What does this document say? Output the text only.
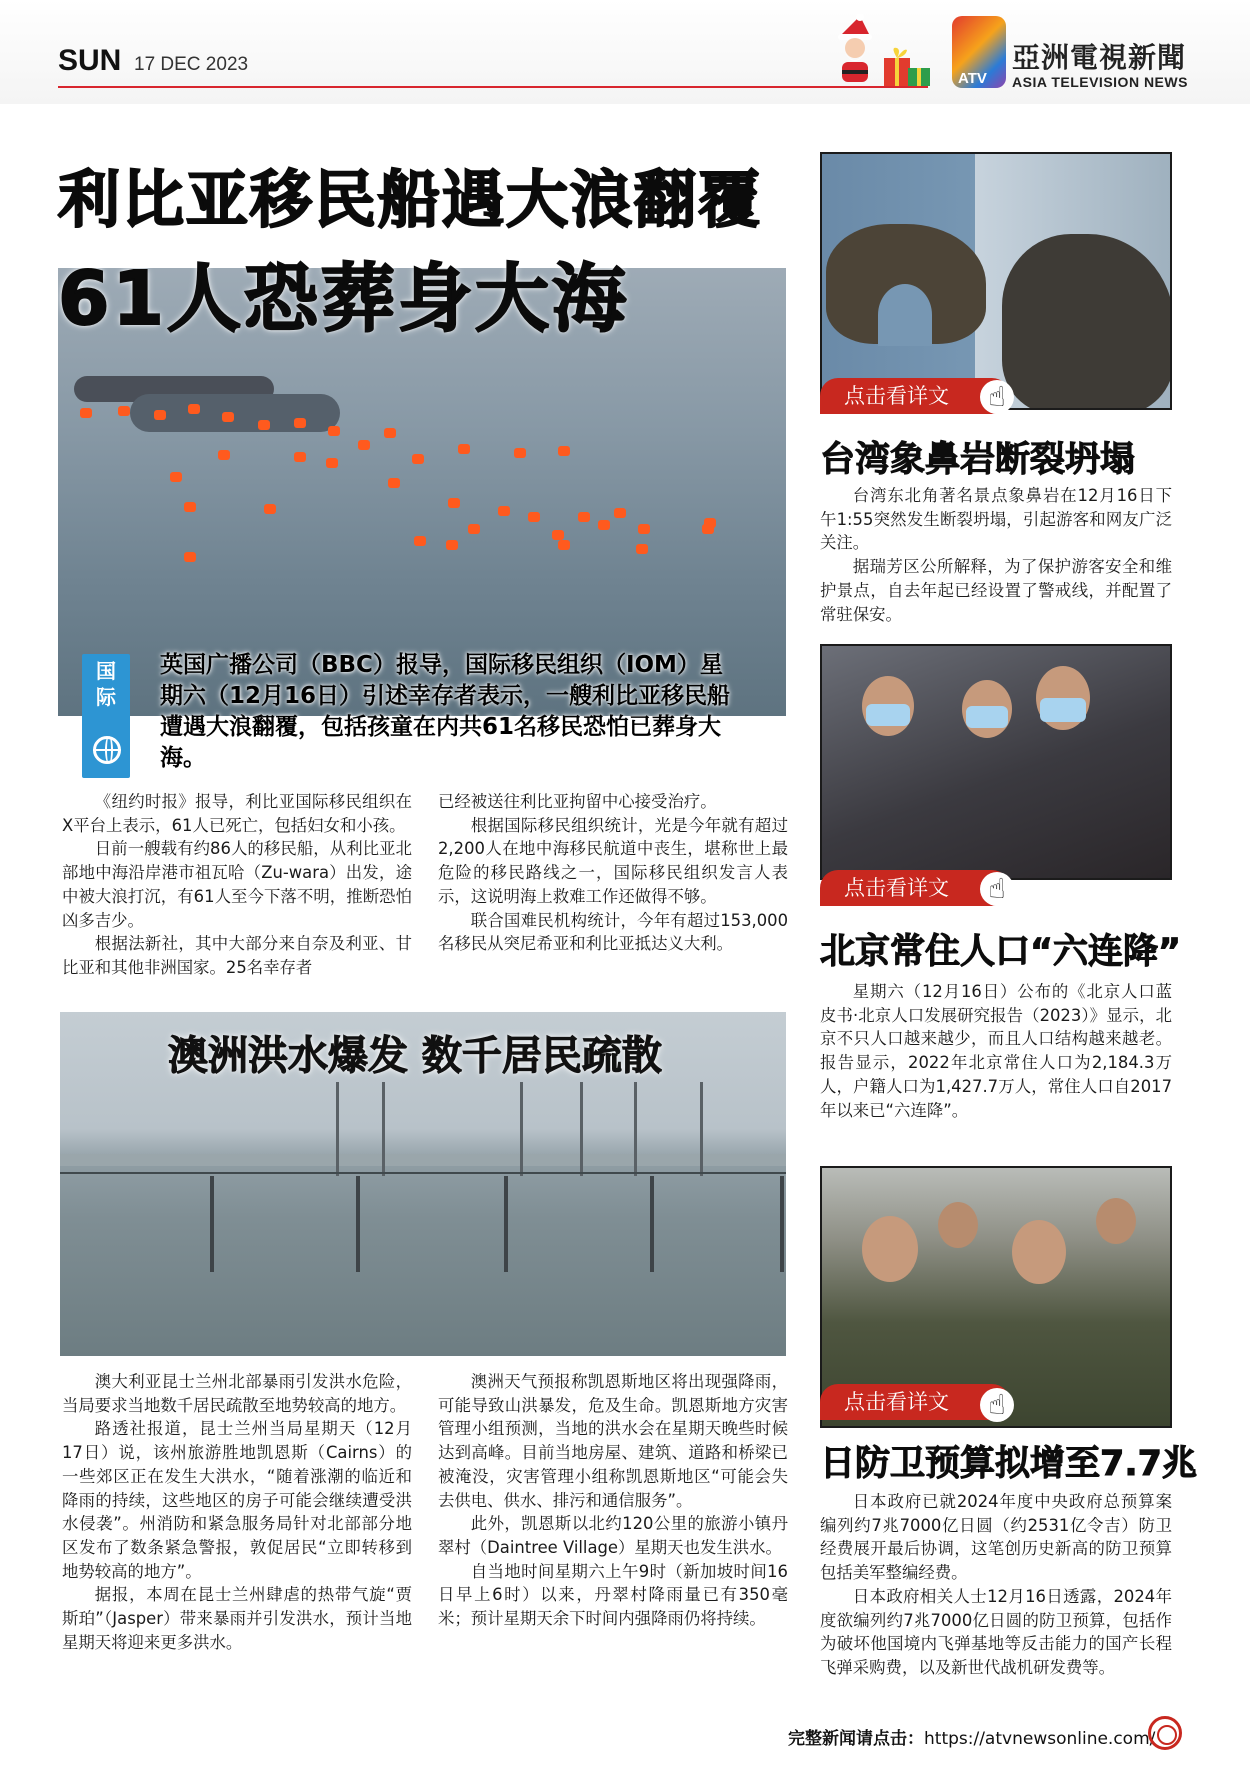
SUN 17 DEC 2023
ATV
亞洲電視新聞
ASIA TELEVISION NEWS
利比亚移民船遇大浪翻覆
61人恐葬身大海
国际
英国广播公司（BBC）报导，国际移民组织（IOM）星期六（12月16日）引述幸存者表示，一艘利比亚移民船遭遇大浪翻覆，包括孩童在内共61名移民恐怕已葬身大海。

《纽约时报》报导，利比亚国际移民组织在X平台上表示，61人已死亡，包括妇女和小孩。

日前一艘载有约86人的移民船，从利比亚北部地中海沿岸港市祖瓦哈（Zu-wara）出发，途中被大浪打沉，有61人至今下落不明，推断恐怕凶多吉少。

根据法新社，其中大部分来自奈及利亚、甘比亚和其他非洲国家。25名幸存者

已经被送往利比亚拘留中心接受治疗。

根据国际移民组织统计，光是今年就有超过2,200人在地中海移民航道中丧生，堪称世上最危险的移民路线之一，国际移民组织发言人表示，这说明海上救难工作还做得不够。

联合国难民机构统计，今年有超过153,000名移民从突尼希亚和利比亚抵达义大利。

澳洲洪水爆发 数千居民疏散

澳大利亚昆士兰州北部暴雨引发洪水危险，当局要求当地数千居民疏散至地势较高的地方。

路透社报道，昆士兰州当局星期天（12月17日）说，该州旅游胜地凯恩斯（Cairns）的一些郊区正在发生大洪水，“随着涨潮的临近和降雨的持续，这些地区的房子可能会继续遭受洪水侵袭”。州消防和紧急服务局针对北部部分地区发布了数条紧急警报，敦促居民“立即转移到地势较高的地方”。

据报，本周在昆士兰州肆虐的热带气旋“贾斯珀”（Jasper）带来暴雨并引发洪水，预计当地星期天将迎来更多洪水。

澳洲天气预报称凯恩斯地区将出现强降雨，可能导致山洪暴发，危及生命。凯恩斯地方灾害管理小组预测，当地的洪水会在星期天晚些时候达到高峰。目前当地房屋、建筑、道路和桥梁已被淹没，灾害管理小组称凯恩斯地区“可能会失去供电、供水、排污和通信服务”。

此外，凯恩斯以北约120公里的旅游小镇丹翠村（Daintree Village）星期天也发生洪水。

自当地时间星期六上午9时（新加坡时间16日早上6时）以来，丹翠村降雨量已有350毫米；预计星期天余下时间内强降雨仍将持续。

点击看详文	☝
台湾象鼻岩断裂坍塌

台湾东北角著名景点象鼻岩在12月16日下午1:55突然发生断裂坍塌，引起游客和网友广泛关注。

据瑞芳区公所解释，为了保护游客安全和维护景点，自去年起已经设置了警戒线，并配置了常驻保安。

点击看详文	☝
北京常住人口“六连降”

星期六（12月16日）公布的《北京人口蓝皮书·北京人口发展研究报告（2023）》显示，北京不只人口越来越少，而且人口结构越来越老。报告显示，2022年北京常住人口为2,184.3万人，户籍人口为1,427.7万人，常住人口自2017年以来已“六连降”。

点击看详文	☝
日防卫预算拟增至7.7兆

日本政府已就2024年度中央政府总预算案编列约7兆7000亿日圆（约2531亿令吉）防卫经费展开最后协调，这笔创历史新高的防卫预算包括美军整编经费。

日本政府相关人士12月16日透露，2024年度欲编列约7兆7000亿日圆的防卫预算，包括作为破坏他国境内飞弹基地等反击能力的国产长程飞弹采购费，以及新世代战机研发费等。

完整新闻请点击：https://atvnewsonline.com/
